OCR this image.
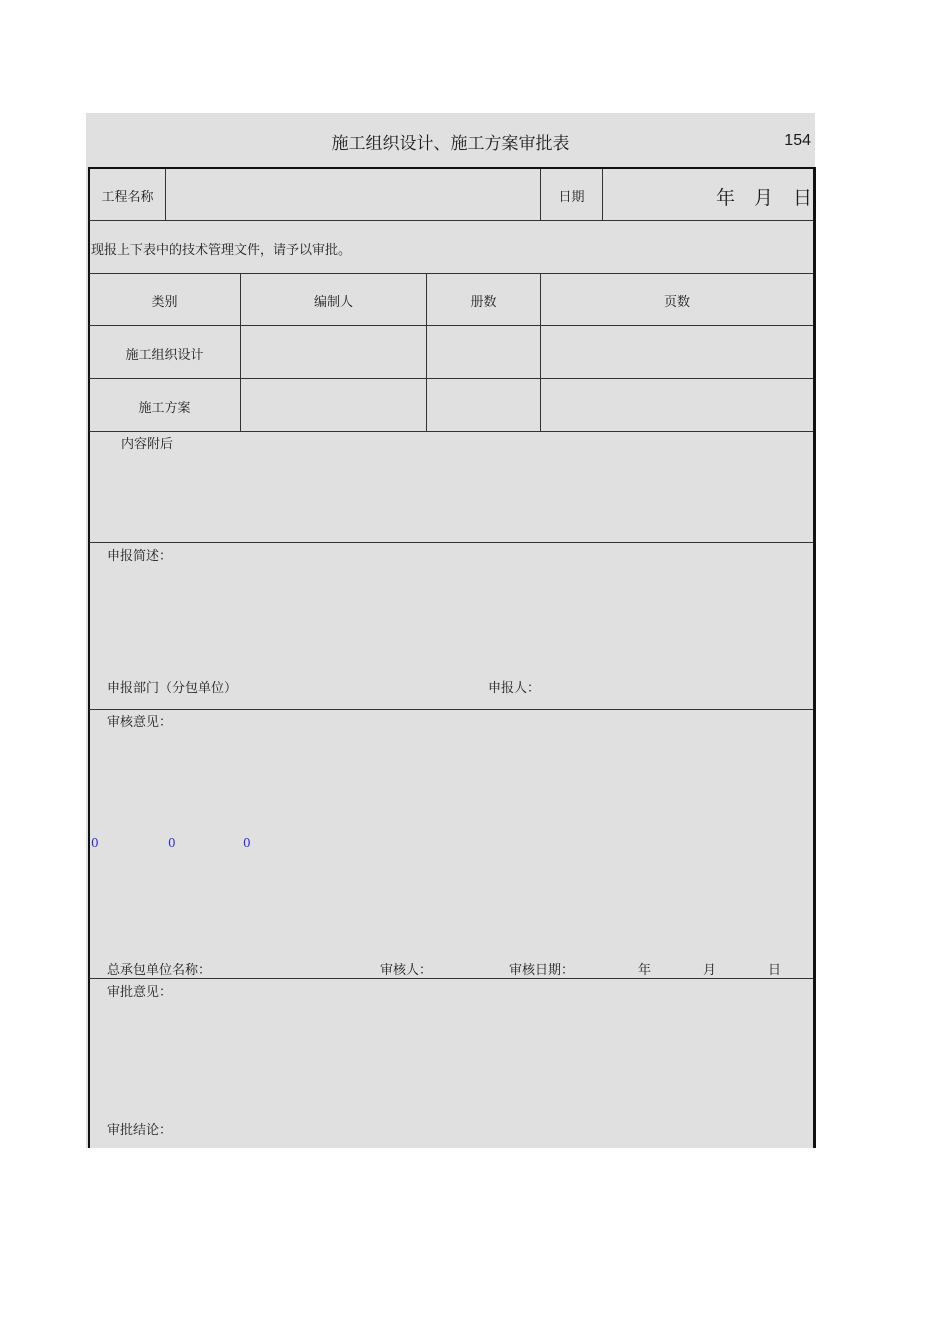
施工组织设计、施工方案审批表	154
工程名称	日期	年 月 日
现报上下表中的技术管理文件，请予以审批。
类别	编制人	册数	页数
施工组织设计
施工方案
内容附后
申报简述：
申报部门（分包单位）	申报人：
审核意见：
0	0	0
总承包单位名称：	审核人：	审核日期：	年	月	日
审批意见：
审批结论：
